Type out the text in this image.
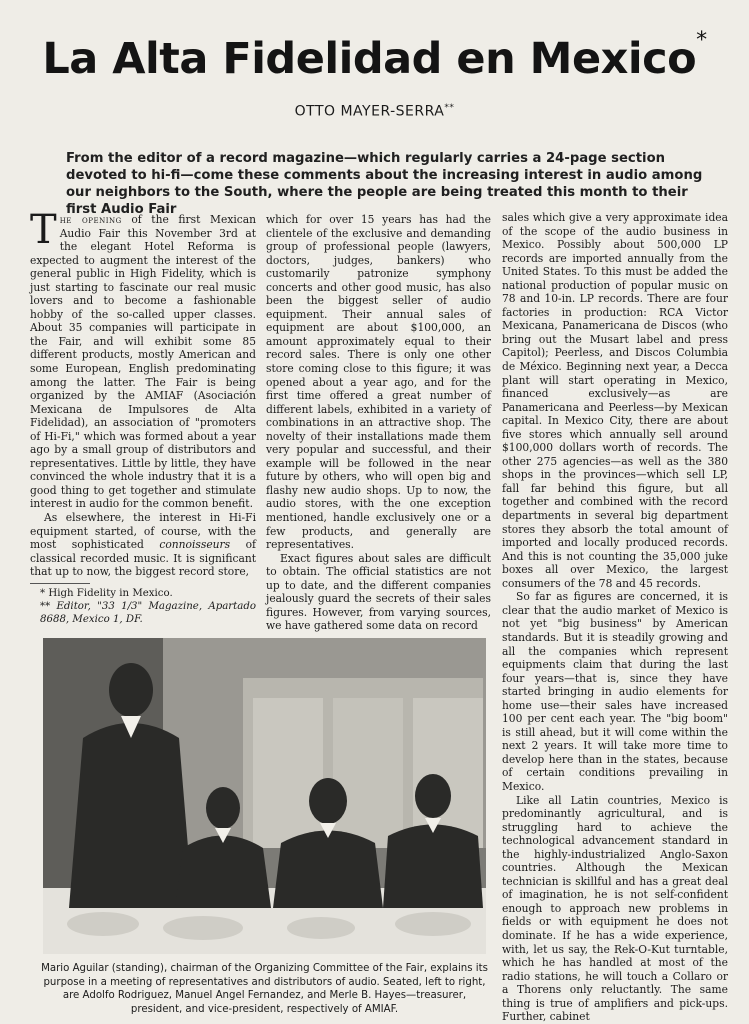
La Alta Fidelidad en Mexico*
OTTO MAYER-SERRA**
From the editor of a record magazine—which regularly carries a 24-page section devoted to hi-fi—come these comments about the increasing interest in audio among our neighbors to the South, where the people are being treated this month to their first Audio Fair

The opening of the first Mexican Audio Fair this November 3rd at the elegant Hotel Reforma is expected to augment the interest of the general public in High Fidelity, which is just starting to fascinate our real music lovers and to become a fashionable hobby of the so-called upper classes. About 35 companies will participate in the Fair, and will exhibit some 85 different products, mostly American and some European, English predominating among the latter. The Fair is being organized by the AMIAF (Asociación Mexicana de Impulsores de Alta Fidelidad), an association of "promoters of Hi-Fi," which was formed about a year ago by a small group of distributors and representatives. Little by little, they have convinced the whole industry that it is a good thing to get together and stimulate interest in audio for the common benefit.

As elsewhere, the interest in Hi-Fi equipment started, of course, with the most sophisticated connoisseurs of classical recorded music. It is significant that up to now, the biggest record store,

* High Fidelity in Mexico.
** Editor, "33 1/3" Magazine, Apartado 8688, Mexico 1, DF.

which for over 15 years has had the clientele of the exclusive and demanding group of professional people (lawyers, doctors, judges, bankers) who customarily patronize symphony concerts and other good music, has also been the biggest seller of audio equipment. Their annual sales of equipment are about $100,000, an amount approximately equal to their record sales. There is only one other store coming close to this figure; it was opened about a year ago, and for the first time offered a great number of different labels, exhibited in a variety of combinations in an attractive shop. The novelty of their installations made them very popular and successful, and their example will be followed in the near future by others, who will open big and flashy new audio shops. Up to now, the audio stores, with the one exception mentioned, handle exclusively one or a few products, and generally are representatives.

Exact figures about sales are difficult to obtain. The official statistics are not up to date, and the different companies jealously guard the secrets of their sales figures. However, from varying sources, we have gathered some data on record

sales which give a very approximate idea of the scope of the audio business in Mexico. Possibly about 500,000 LP records are imported annually from the United States. To this must be added the national production of popular music on 78 and 10-in. LP records. There are four factories in production: RCA Victor Mexicana, Panamericana de Discos (who bring out the Musart label and press Capitol); Peerless, and Discos Columbia de México. Beginning next year, a Decca plant will start operating in Mexico, financed exclusively—as are Panamericana and Peerless—by Mexican capital. In Mexico City, there are about five stores which annually sell around $100,000 dollars worth of records. The other 275 agencies—as well as the 380 shops in the provinces—which sell LP, fall far behind this figure, but all together and combined with the record departments in several big department stores they absorb the total amount of imported and locally produced records. And this is not counting the 35,000 juke boxes all over Mexico, the largest consumers of the 78 and 45 records.

So far as figures are concerned, it is clear that the audio market of Mexico is not yet "big business" by American standards. But it is steadily growing and all the companies which represent equipments claim that during the last four years—that is, since they have started bringing in audio elements for home use—their sales have increased 100 per cent each year. The "big boom" is still ahead, but it will come within the next 2 years. It will take more time to develop here than in the states, because of certain conditions prevailing in Mexico.

Like all Latin countries, Mexico is predominantly agricultural, and is struggling hard to achieve the technological advancement standard in the highly-industrialized Anglo-Saxon countries. Although the Mexican technician is skillful and has a great deal of imagination, he is not self-confident enough to approach new problems in fields or with equipment he does not dominate. If he has a wide experience, with, let us say, the Rek-O-Kut turntable, which he has handled at most of the radio stations, he will touch a Collaro or a Thorens only reluctantly. The same thing is true of amplifiers and pick-ups. Further, cabinet

Mario Aguilar (standing), chairman of the Organizing Committee of the Fair, explains its purpose in a meeting of representatives and distributors of audio. Seated, left to right, are Adolfo Rodriguez, Manuel Angel Fernandez, and Merle B. Hayes—treasurer, president, and vice-president, respectively of AMIAF.
